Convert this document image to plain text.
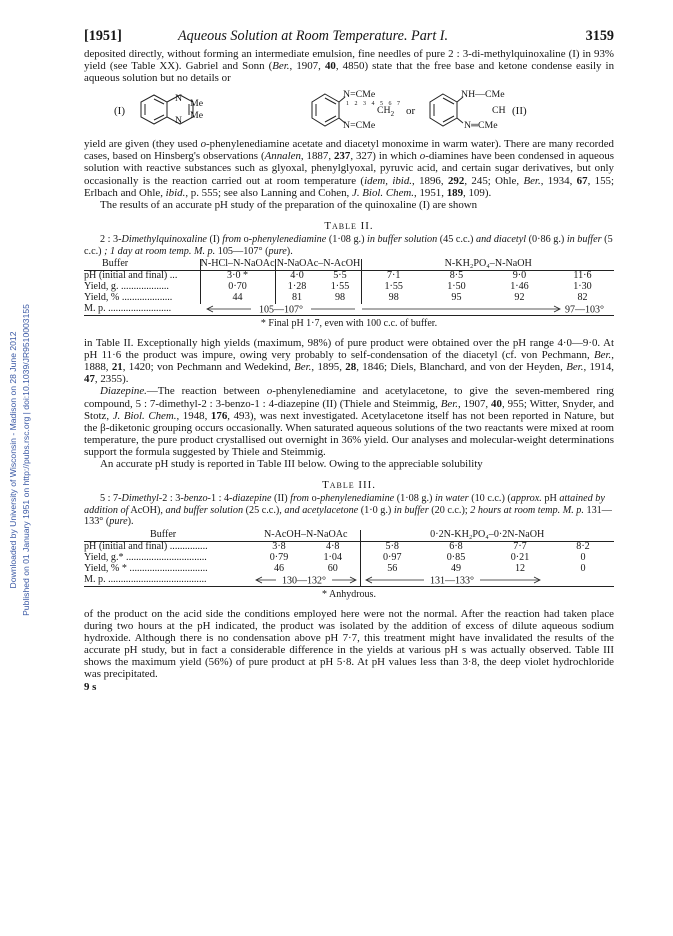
Downloaded by University of Wisconsin - Madison on 28 June 2012 Published on 01 January 1951 on http://pubs.rsc.org | doi:10.1039/JR9510003155
[1951]	Aqueous Solution at Room Temperature. Part I.	3159

deposited directly, without forming an intermediate emulsion, fine needles of pure 2 : 3-di-methylquinoxaline (I) in 93% yield (see Table XX). Gabriel and Sonn (Ber., 1907, 40, 4850) state that the free base and ketone condense easily in aqueous solution but no details or

(I)
N Me
Me
N
N=CMe
1 2 3 4 5 6 7
$CH_2$
N=CMe
or
NH—CMe
CH
N═CMe
(II)

yield are given (they used o-phenylenediamine acetate and diacetyl monoxime in warm water). There are many recorded cases, based on Hinsberg's observations (Annalen, 1887, 237, 327) in which o-diamines have been condensed in aqueous solution with reactive substances such as glyoxal, phenylglyoxal, pyruvic acid, and certain sugar derivatives, but only occasionally is the reaction carried out at room temperature (idem, ibid., 1896, 292, 245; Ohle, Ber., 1934, 67, 155; Erlbach and Ohle, ibid., p. 555; see also Lanning and Cohen, J. Biol. Chem., 1951, 189, 109).

The results of an accurate pH study of the preparation of the quinoxaline (I) are shown

Table II.

2 : 3-Dimethylquinoxaline (I) from o-phenylenediamine (1·08 g.) in buffer solution (45 c.c.) and diacetyl (0·86 g.) in buffer (5 c.c.) ; 1 day at room temp. M. p. 105—107° (pure).

Buffer	N-HCl–N-NaOAc	N-NaOAc–N-AcOH		N-KH₂PO₄–N-NaOH			
pH (initial and final) ...	3·0 *	4·0	5·5	7·1	8·5	9·0	11·6
Yield, g. ...................	0·70	1·28	1·55	1·55	1·50	1·46	1·30
Yield, % ....................	44	81	98	98	95	92	82
M. p. .........................	105—107°			97—103°			
* Final pH 1·7, even with 100 c.c. of buffer.

in Table II. Exceptionally high yields (maximum, 98%) of pure product were obtained over the pH range 4·0—9·0. At pH 11·6 the product was impure, owing very probably to self-condensation of the diacetyl (cf. von Pechmann, Ber., 1888, 21, 1420; von Pechmann and Wedekind, Ber., 1895, 28, 1846; Diels, Blanchard, and von der Heyden, Ber., 1914, 47, 2355).

Diazepine.—The reaction between o-phenylenediamine and acetylacetone, to give the seven-membered ring compound, 5 : 7-dimethyl-2 : 3-benzo-1 : 4-diazepine (II) (Thiele and Steimmig, Ber., 1907, 40, 955; Witter, Snyder, and Stotz, J. Biol. Chem., 1948, 176, 493), was next investigated. Acetylacetone itself has not been reported in Nature, but the β-diketonic grouping occurs occasionally. When saturated aqueous solutions of the two reactants were mixed at room temperature, the pure product crystallised out overnight in 36% yield. Our analyses and molecular-weight determinations support the formula suggested by Thiele and Steimmig.

An accurate pH study is reported in Table III below. Owing to the appreciable solubility

Table III.

5 : 7-Dimethyl-2 : 3-benzo-1 : 4-diazepine (II) from o-phenylenediamine (1·08 g.) in water (10 c.c.) (approx. pH attained by addition of AcOH), and buffer solution (25 c.c.), and acetylacetone (1·0 g.) in buffer (20 c.c.); 2 hours at room temp. M. p. 131—133° (pure).

Buffer	N-AcOH–N-NaOAc		0·2N-KH₂PO₄–0·2N-NaOH			
pH (initial and final) ...............	3·8	4·8	5·8	6·8	7·7	8·2
Yield, g.* ................................	0·79	1·04	0·97	0·85	0·21	0
Yield, % * ...............................	46	60	56	49	12	0
M. p. .......................................	130—132°		131—133°			
* Anhydrous.

of the product on the acid side the conditions employed here were not the normal. After the reaction had taken place during two hours at the pH indicated, the product was isolated by the addition of excess of dilute aqueous sodium hydroxide. Although there is no condensation above pH 7·7, this treatment might have invalidated the results of the accurate pH study, but in fact a considerable difference in the yields at various pH s was actually observed. Table III shows the maximum yield (56%) of pure product at pH 5·8. At pH values less than 3·8, the deep violet hydrochloride was precipitated.

9 s
